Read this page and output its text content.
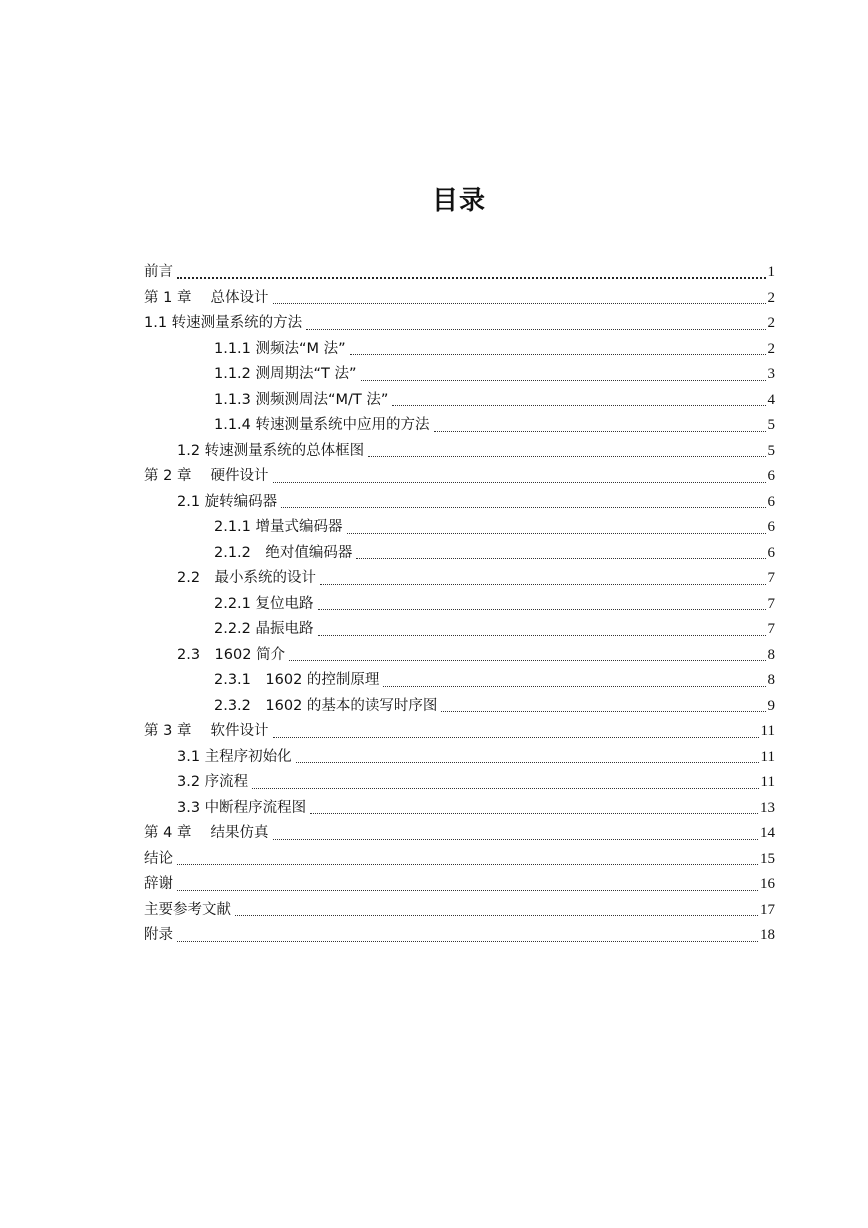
目录
前言	1
第 1 章　 总体设计	2
1.1 转速测量系统的方法	2
1.1.1 测频法“M 法”	2
1.1.2 测周期法“T 法”	3
1.1.3 测频测周法“M/T 法”	4
1.1.4 转速测量系统中应用的方法	5
1.2 转速测量系统的总体框图	5
第 2 章　 硬件设计	6
2.1 旋转编码器	6
2.1.1 增量式编码器	6
2.1.2　绝对值编码器	6
2.2　最小系统的设计	7
2.2.1 复位电路	7
2.2.2 晶振电路	7
2.3　1602 简介	8
2.3.1　1602 的控制原理	8
2.3.2　1602 的基本的读写时序图	9
第 3 章　 软件设计	11
3.1 主程序初始化	11
3.2 序流程	11
3.3 中断程序流程图	13
第 4 章　 结果仿真	14
结论	15
辞谢	16
主要参考文献	17
附录	18
